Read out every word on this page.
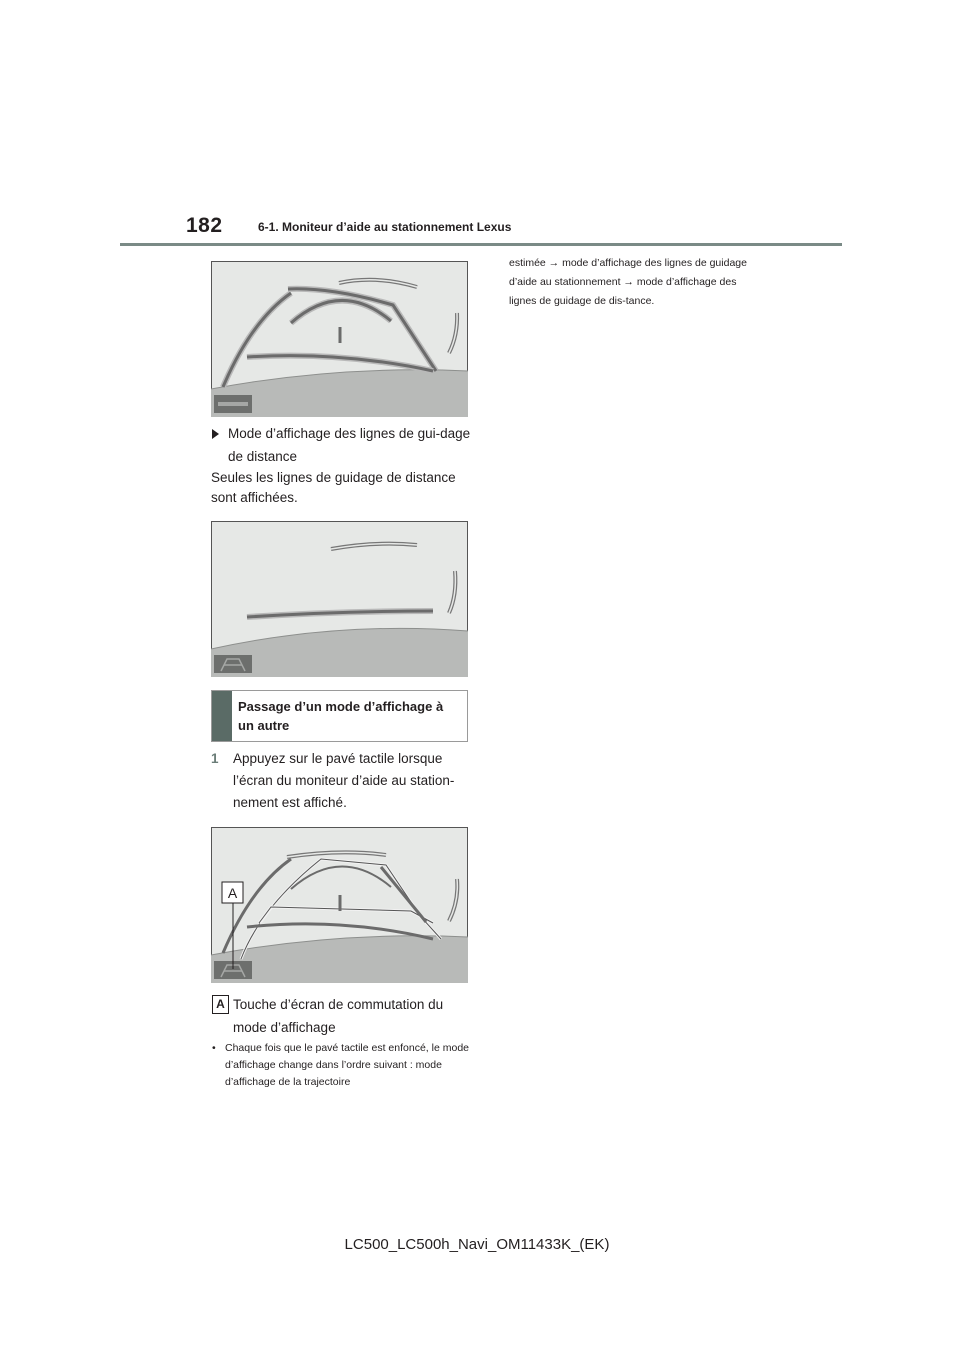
182	6-1. Moniteur d’aide au stationnement Lexus
Mode d’affichage des lignes de gui-dage de distance
Seules les lignes de guidage de distance sont affichées.
Passage d’un mode d’affichage à un autre
1	Appuyez sur le pavé tactile lorsque l’écran du moniteur d’aide au station-nement est affiché.
A
A Touche d’écran de commutation du mode d’affichage
• Chaque fois que le pavé tactile est enfoncé, le mode d’affichage change dans l’ordre suivant : mode d’affichage de la trajectoire
estimée → mode d’affichage des lignes de guidage d’aide au stationnement → mode d’affichage des lignes de guidage de dis-tance.
LC500_LC500h_Navi_OM11433K_(EK)
